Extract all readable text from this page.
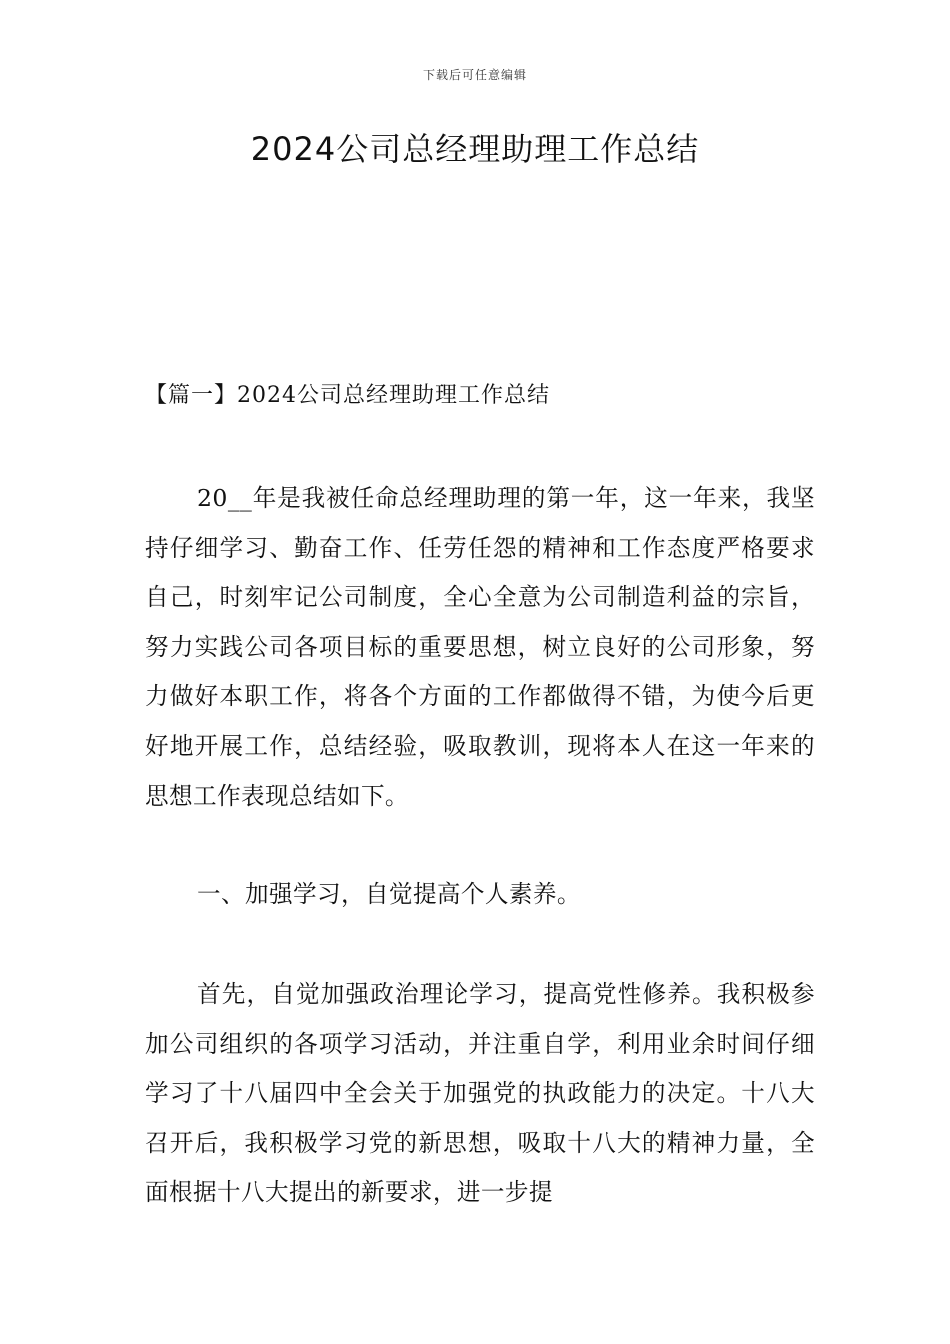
下载后可任意编辑
2024公司总经理助理工作总结
【篇一】2024公司总经理助理工作总结

20__年是我被任命总经理助理的第一年，这一年来，我坚持仔细学习、勤奋工作、任劳任怨的精神和工作态度严格要求自己，时刻牢记公司制度，全心全意为公司制造利益的宗旨，努力实践公司各项目标的重要思想，树立良好的公司形象，努力做好本职工作，将各个方面的工作都做得不错，为使今后更好地开展工作，总结经验，吸取教训，现将本人在这一年来的思想工作表现总结如下。

一、加强学习，自觉提高个人素养。

首先，自觉加强政治理论学习，提高党性修养。我积极参加公司组织的各项学习活动，并注重自学，利用业余时间仔细学习了十八届四中全会关于加强党的执政能力的决定。十八大召开后，我积极学习党的新思想，吸取十八大的精神力量，全面根据十八大提出的新要求，进一步提
